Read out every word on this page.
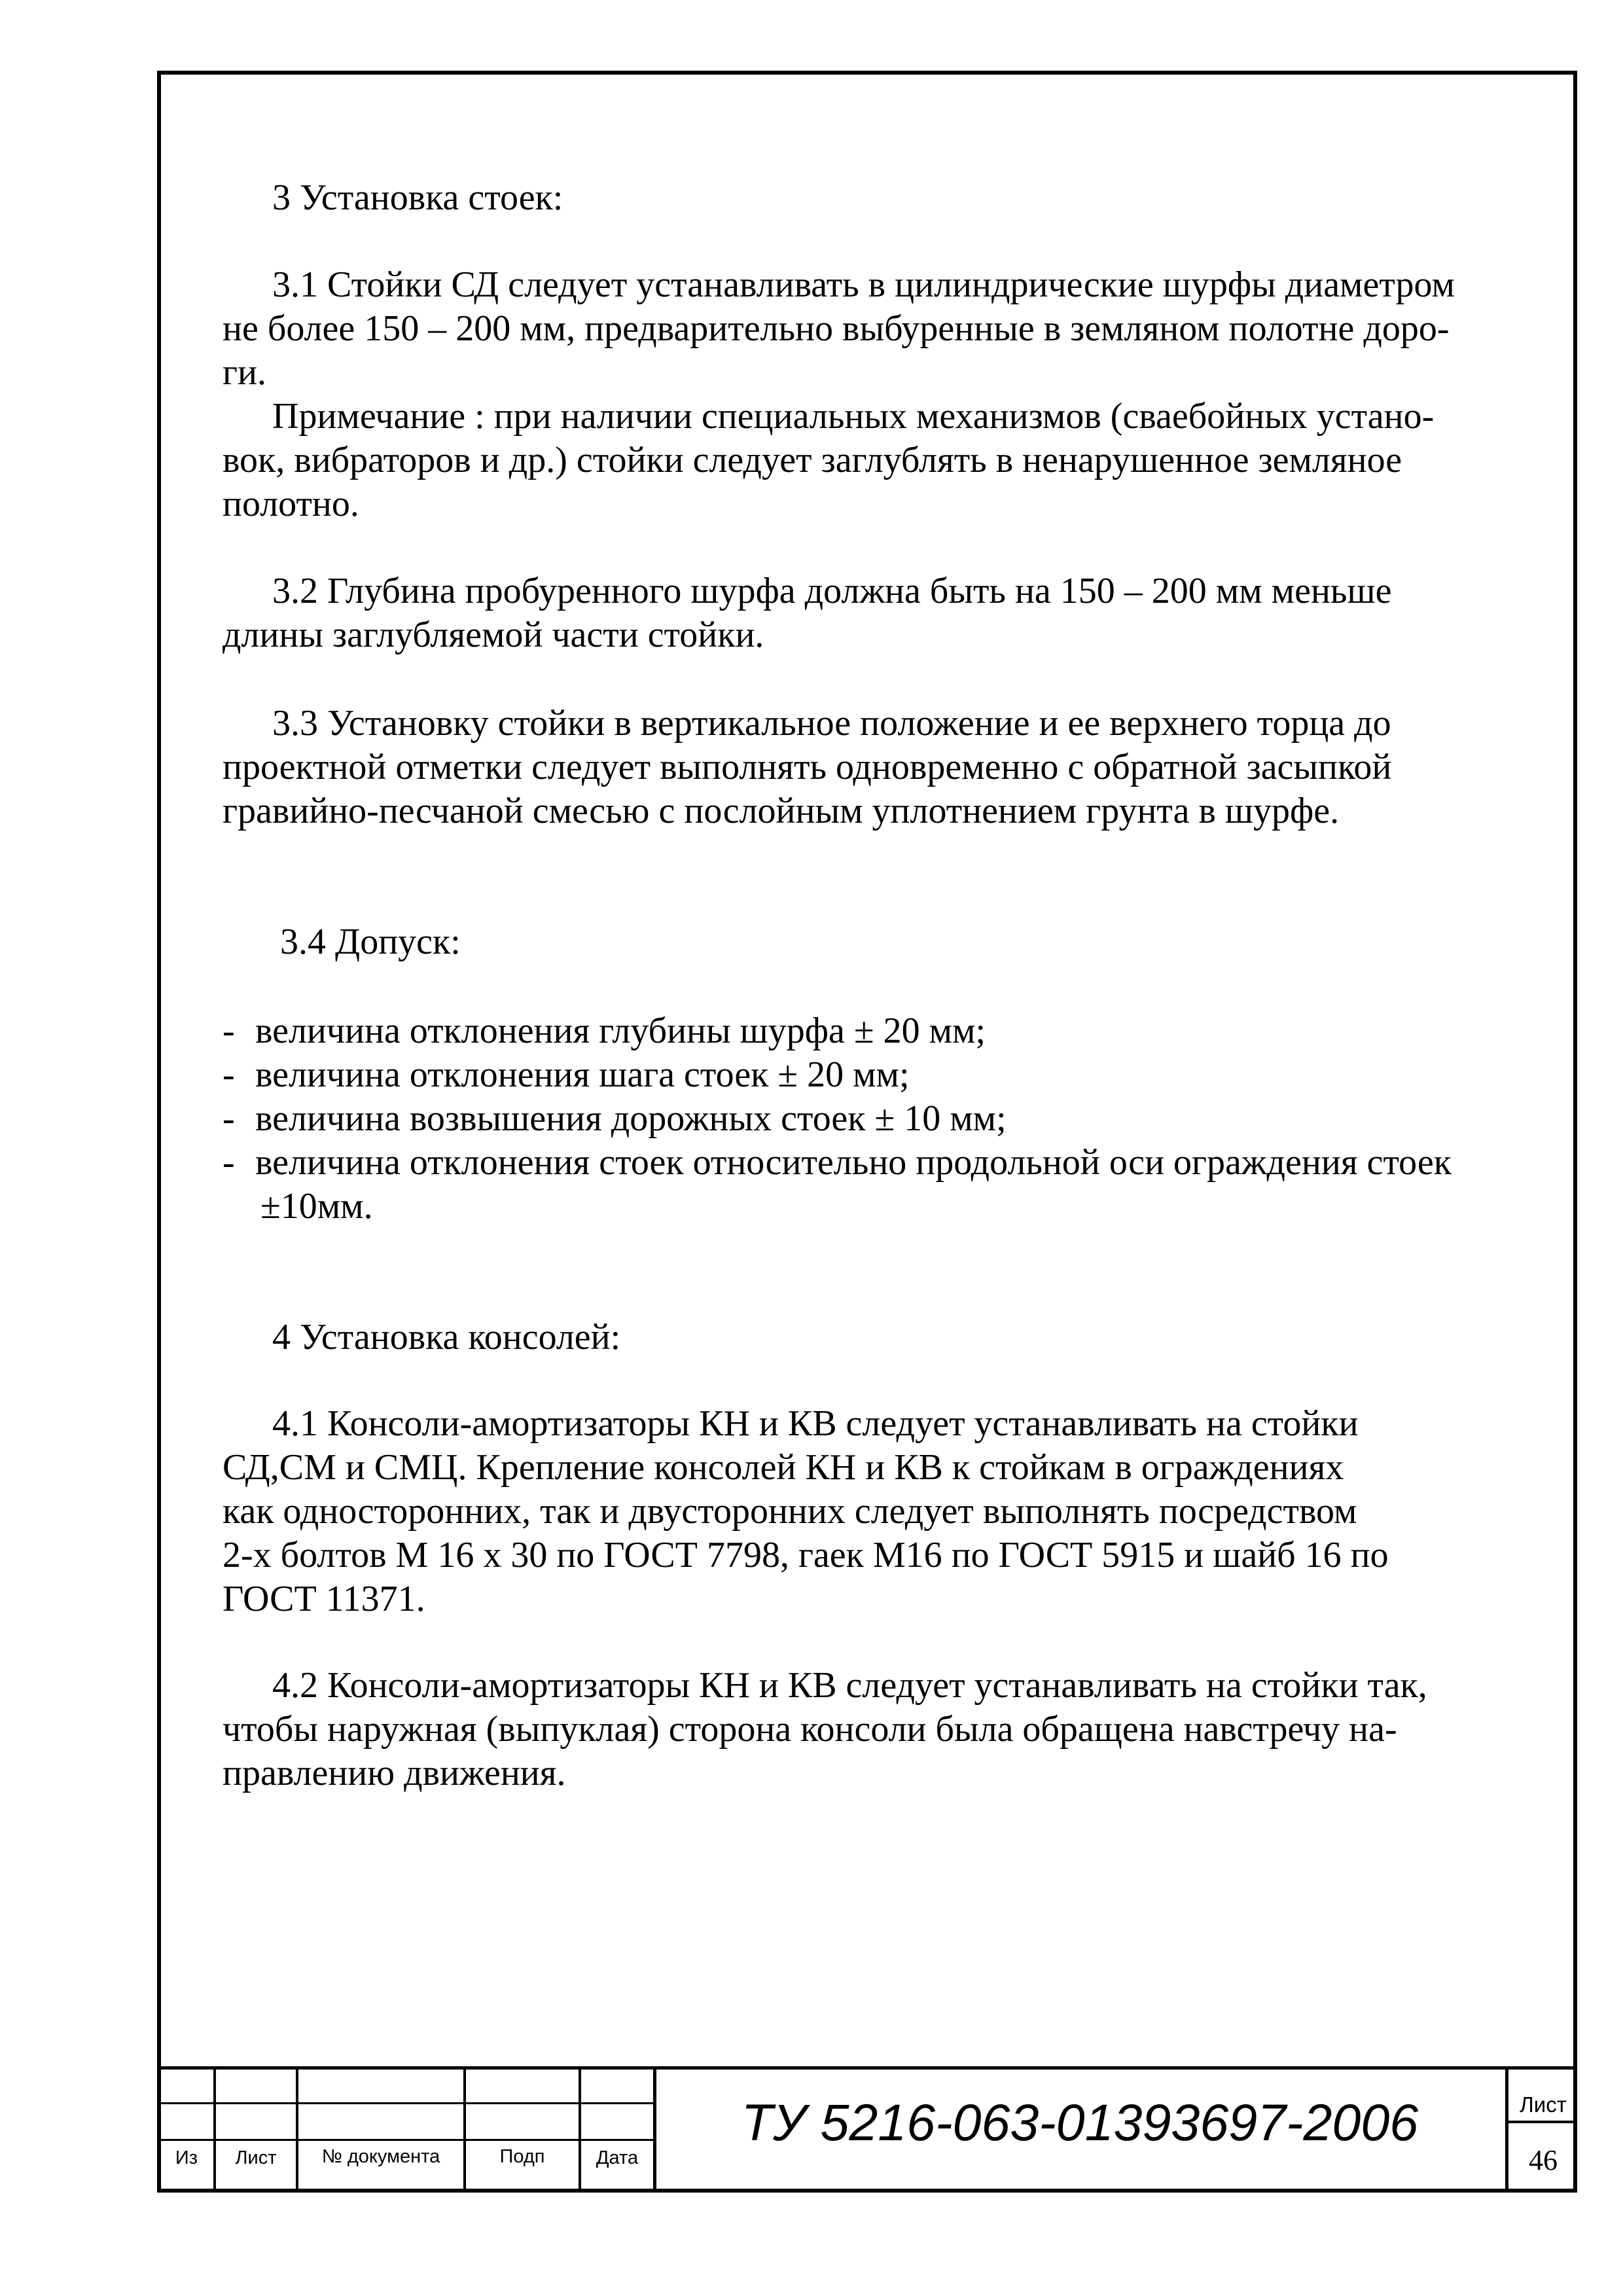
3 Установка стоек:
3.1 Стойки СД следует устанавливать в цилиндрические шурфы диаметром
не более 150 – 200 мм, предварительно выбуренные в земляном полотне доро-
ги.
Примечание : при наличии специальных механизмов (сваебойных устано-
вок, вибраторов и др.) стойки следует заглублять в ненарушенное земляное
полотно.
3.2 Глубина пробуренного шурфа должна быть на 150 – 200 мм меньше
длины заглубляемой части стойки.
3.3 Установку стойки в вертикальное положение и ее верхнего торца до
проектной отметки следует выполнять одновременно с обратной засыпкой
гравийно-песчаной смесью с послойным уплотнением грунта в шурфе.
3.4 Допуск:
- величина отклонения глубины шурфа ± 20 мм;
- величина отклонения шага стоек ± 20 мм;
- величина возвышения дорожных стоек ± 10 мм;
- величина отклонения стоек относительно продольной оси ограждения стоек
±10мм.
4 Установка консолей:
4.1 Консоли-амортизаторы КН и КВ следует устанавливать на стойки
СД,СМ и СМЦ. Крепление консолей КН и КВ к стойкам в ограждениях
как односторонних, так и двусторонних следует выполнять посредством
2-х болтов М 16 х 30 по ГОСТ 7798, гаек М16 по ГОСТ 5915 и шайб 16 по
ГОСТ 11371.
4.2 Консоли-амортизаторы КН и КВ следует устанавливать на стойки так,
чтобы наружная (выпуклая) сторона консоли была обращена навстречу на-
правлению движения.
Из	Лист	№ документа	Подп	Дата
ТУ 5216-063-01393697-2006	Лист
46
